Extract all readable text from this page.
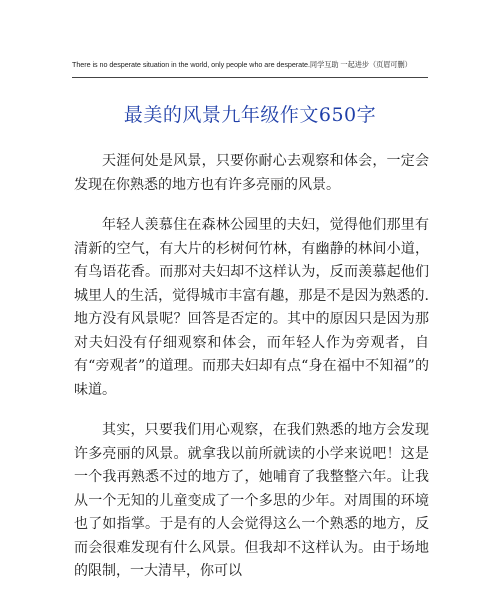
There is no desperate situation in the world, only people who are desperate.同学互助 一起进步（页眉可删）
最美的风景九年级作文650字

天涯何处是风景，只要你耐心去观察和体会，一定会发现在你熟悉的地方也有许多亮丽的风景。

年轻人羡慕住在森林公园里的夫妇，觉得他们那里有清新的空气，有大片的杉树何竹林，有幽静的林间小道，有鸟语花香。而那对夫妇却不这样认为，反而羡慕起他们城里人的生活，觉得城市丰富有趣，那是不是因为熟悉的.地方没有风景呢？回答是否定的。其中的原因只是因为那对夫妇没有仔细观察和体会，而年轻人作为旁观者，自有“旁观者”的道理。而那夫妇却有点“身在福中不知福”的味道。

其实，只要我们用心观察，在我们熟悉的地方会发现许多亮丽的风景。就拿我以前所就读的小学来说吧！这是一个我再熟悉不过的地方了，她哺育了我整整六年。让我从一个无知的儿童变成了一个多思的少年。对周围的环境也了如指掌。于是有的人会觉得这么一个熟悉的地方，反而会很难发现有什么风景。但我却不这样认为。由于场地的限制，一大清早，你可以
